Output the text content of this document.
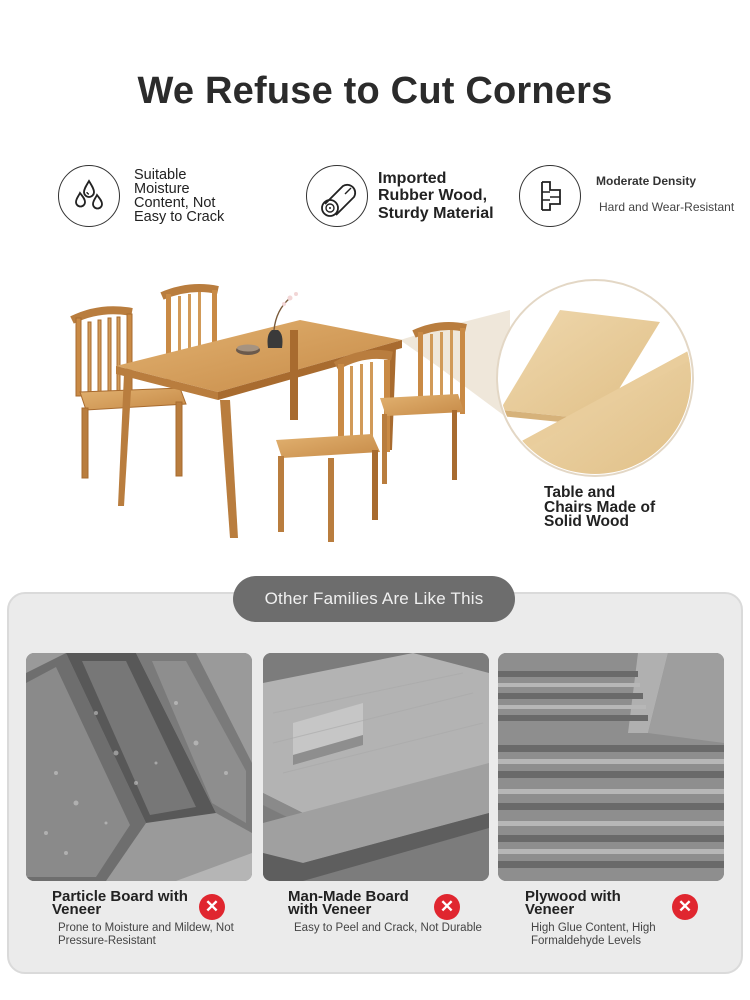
We Refuse to Cut Corners
Suitable Moisture Content, Not Easy to Crack
Imported Rubber Wood, Sturdy Material
Moderate Density
Hard and Wear-Resistant
Table and Chairs Made of Solid Wood
Other Families Are Like This
Particle Board with Veneer
Prone to Moisture and Mildew, Not Pressure-Resistant
✕
Man-Made Board with Veneer
Easy to Peel and Crack, Not Durable
✕
Plywood with Veneer
High Glue Content, High Formaldehyde Levels
✕
